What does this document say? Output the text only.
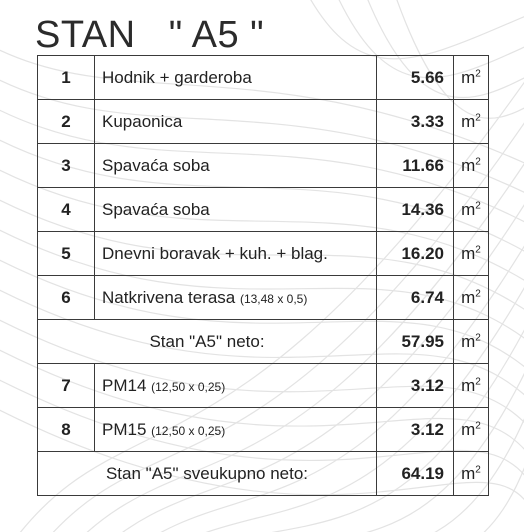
STAN   " A5 "
1	Hodnik + garderoba	5.66	$m^2$
2	Kupaonica	3.33	$m^2$
3	Spavaća soba	11.66	$m^2$
4	Spavaća soba	14.36	$m^2$
5	Dnevni boravak + kuh. + blag.	16.20	$m^2$
6	Natkrivena terasa (13,48 x 0,5)	6.74	$m^2$
Stan "A5" neto:		57.95	$m^2$
7	PM14 (12,50 x 0,25)	3.12	$m^2$
8	PM15 (12,50 x 0,25)	3.12	$m^2$
Stan "A5" sveukupno neto:		64.19	$m^2$
